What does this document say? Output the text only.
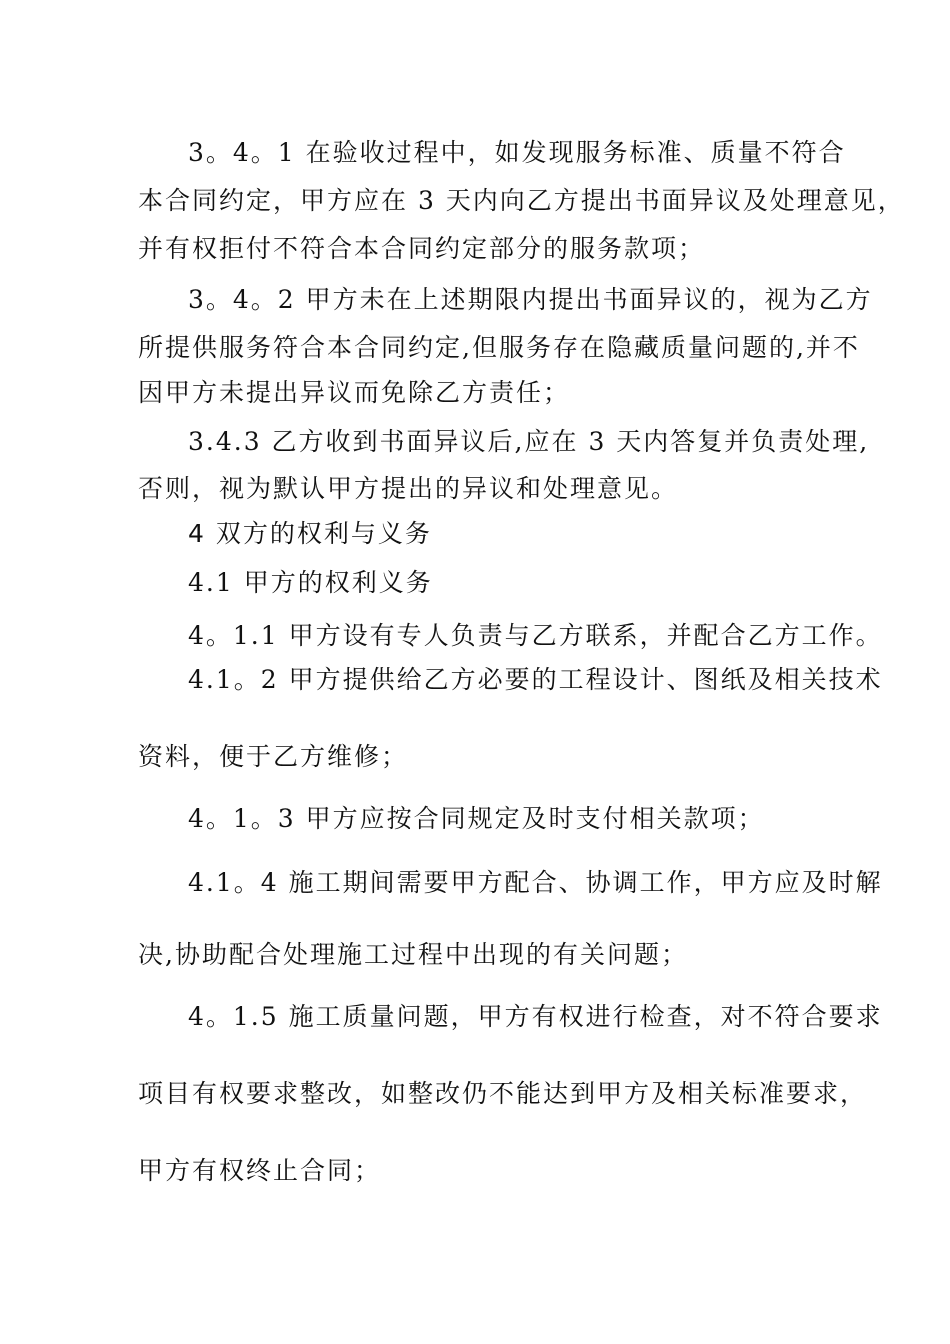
3。4。1 在验收过程中，如发现服务标准、质量不符合
本合同约定，甲方应在 3 天内向乙方提出书面异议及处理意见，
并有权拒付不符合本合同约定部分的服务款项；
3。4。2 甲方未在上述期限内提出书面异议的，视为乙方
所提供服务符合本合同约定,但服务存在隐藏质量问题的,并不
因甲方未提出异议而免除乙方责任；
3.4.3 乙方收到书面异议后,应在 3 天内答复并负责处理,
否则，视为默认甲方提出的异议和处理意见。
4 双方的权利与义务
4.1 甲方的权利义务
4。1.1 甲方设有专人负责与乙方联系，并配合乙方工作。
4.1。2 甲方提供给乙方必要的工程设计、图纸及相关技术
资料，便于乙方维修；
4。1。3 甲方应按合同规定及时支付相关款项；
4.1。4 施工期间需要甲方配合、协调工作，甲方应及时解
决,协助配合处理施工过程中出现的有关问题；
4。1.5 施工质量问题，甲方有权进行检查，对不符合要求
项目有权要求整改，如整改仍不能达到甲方及相关标准要求，
甲方有权终止合同；
